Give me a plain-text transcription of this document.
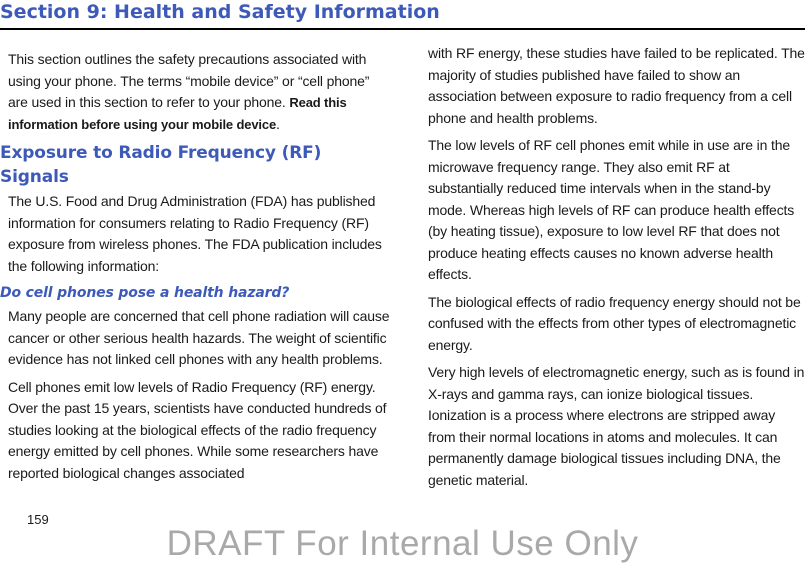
Section 9: Health and Safety Information

This section outlines the safety precautions associated with using your phone. The terms “mobile device” or “cell phone” are used in this section to refer to your phone. Read this information before using your mobile device.

Exposure to Radio Frequency (RF) Signals

The U.S. Food and Drug Administration (FDA) has published information for consumers relating to Radio Frequency (RF) exposure from wireless phones. The FDA publication includes the following information:

Do cell phones pose a health hazard?

Many people are concerned that cell phone radiation will cause cancer or other serious health hazards. The weight of scientific evidence has not linked cell phones with any health problems.

Cell phones emit low levels of Radio Frequency (RF) energy. Over the past 15 years, scientists have conducted hundreds of studies looking at the biological effects of the radio frequency energy emitted by cell phones. While some researchers have reported biological changes associated

with RF energy, these studies have failed to be replicated. The majority of studies published have failed to show an association between exposure to radio frequency from a cell phone and health problems.

The low levels of RF cell phones emit while in use are in the microwave frequency range. They also emit RF at substantially reduced time intervals when in the stand-by mode. Whereas high levels of RF can produce health effects (by heating tissue), exposure to low level RF that does not produce heating effects causes no known adverse health effects.

The biological effects of radio frequency energy should not be confused with the effects from other types of electromagnetic energy.

Very high levels of electromagnetic energy, such as is found in X-rays and gamma rays, can ionize biological tissues. Ionization is a process where electrons are stripped away from their normal locations in atoms and molecules. It can permanently damage biological tissues including DNA, the genetic material.

159
DRAFT For Internal Use Only
